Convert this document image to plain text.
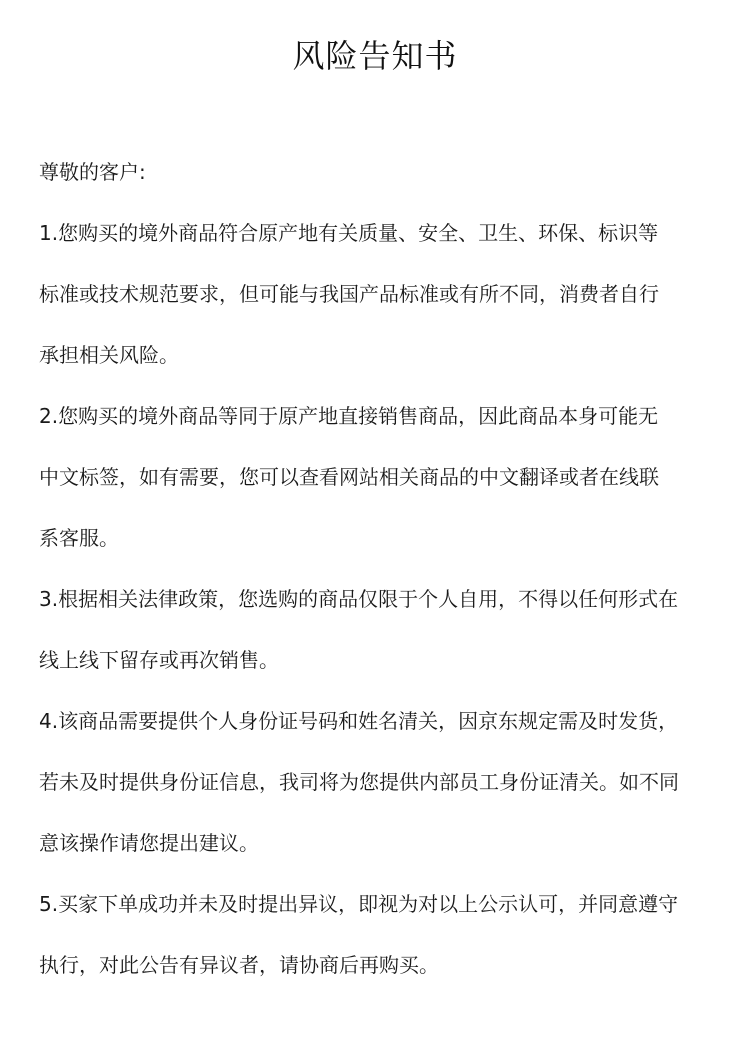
风险告知书

尊敬的客户:

1.您购买的境外商品符合原产地有关质量、安全、卫生、环保、标识等
标准或技术规范要求，但可能与我国产品标准或有所不同，消费者自行
承担相关风险。

2.您购买的境外商品等同于原产地直接销售商品，因此商品本身可能无
中文标签，如有需要，您可以查看网站相关商品的中文翻译或者在线联
系客服。

3.根据相关法律政策，您选购的商品仅限于个人自用，不得以任何形式在
线上线下留存或再次销售。

4.该商品需要提供个人身份证号码和姓名清关，因京东规定需及时发货，
若未及时提供身份证信息，我司将为您提供内部员工身份证清关。如不同
意该操作请您提出建议。

5.买家下单成功并未及时提出异议，即视为对以上公示认可，并同意遵守
执行，对此公告有异议者，请协商后再购买。
